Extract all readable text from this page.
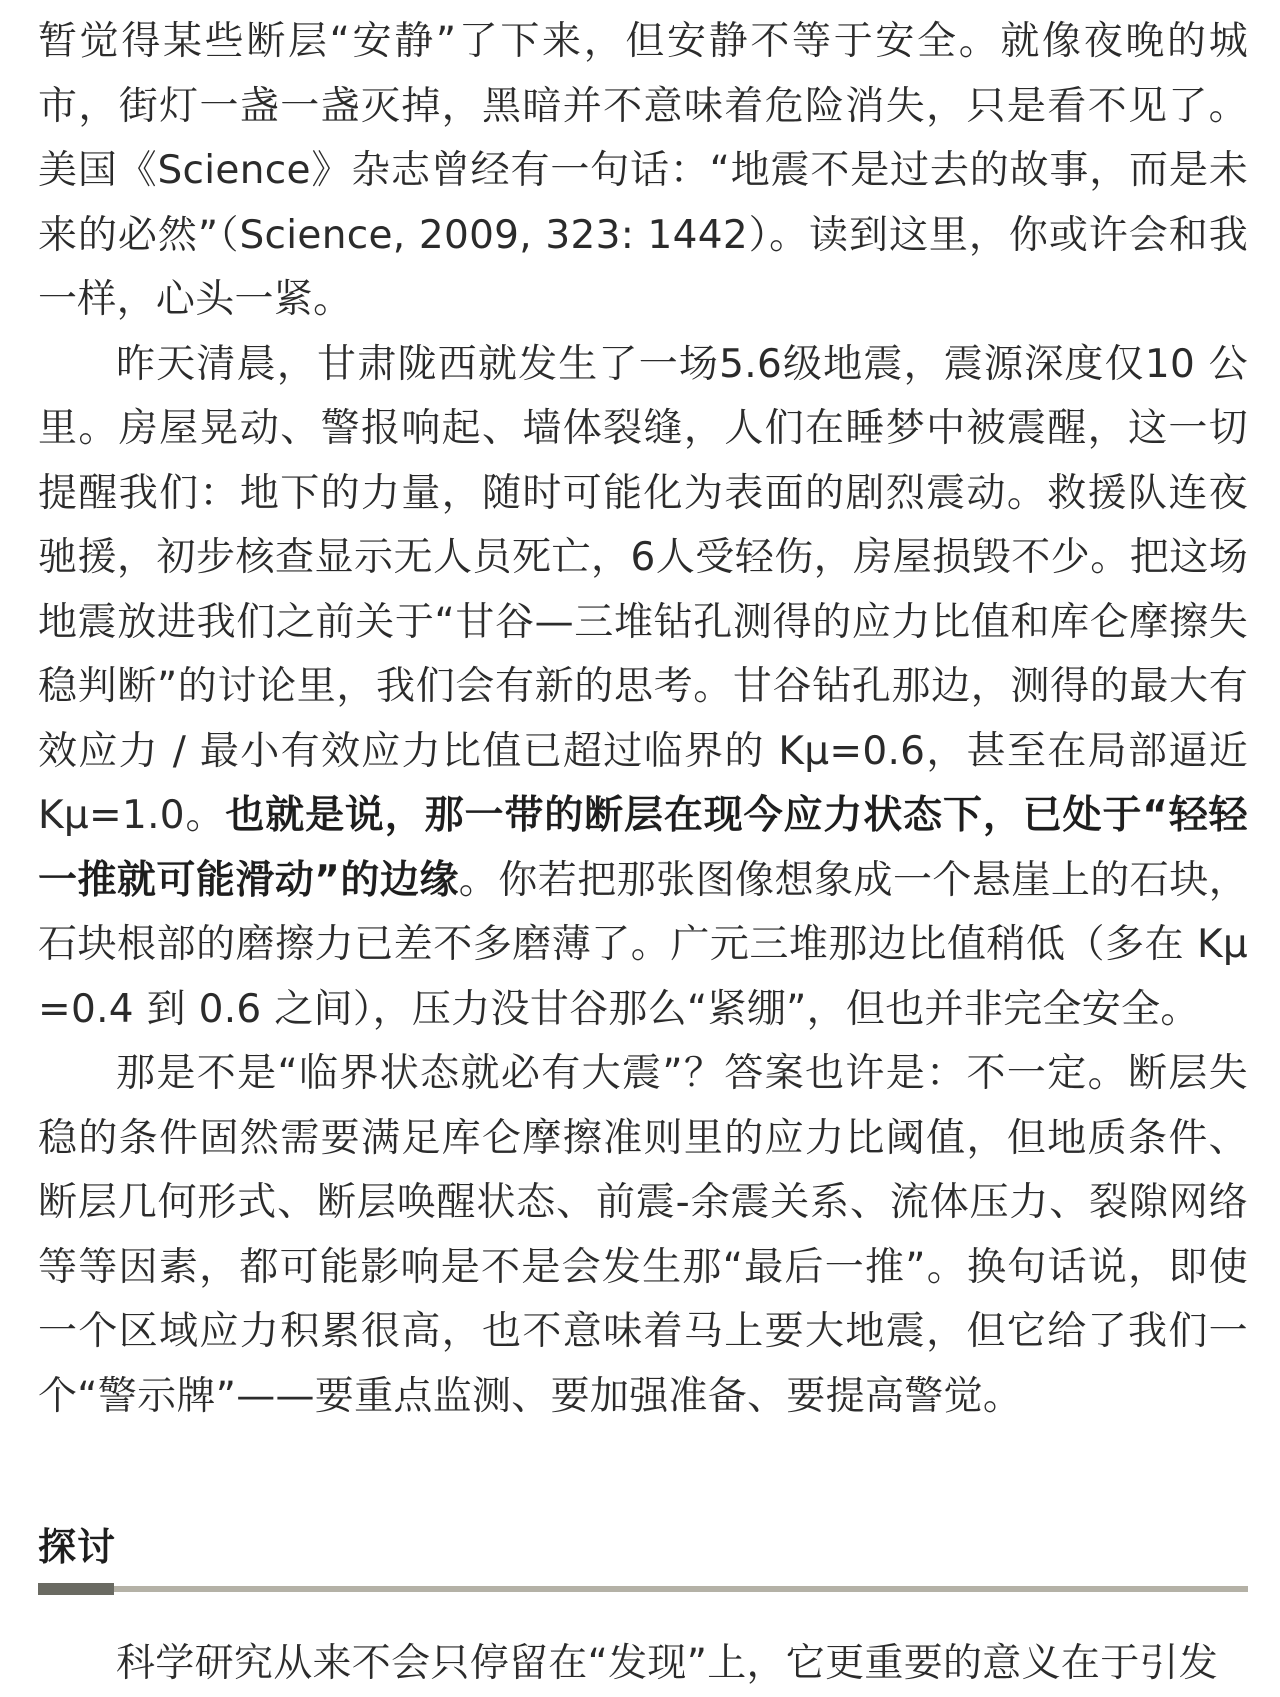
暂觉得某些断层“安静”了下来，但安静不等于安全。就像夜晚的城市，街灯一盏一盏灭掉，黑暗并不意味着危险消失，只是看不见了。美国《Science》杂志曾经有一句话：“地震不是过去的故事，而是未来的必然”（Science, 2009, 323: 1442）。读到这里，你或许会和我一样，心头一紧。

昨天清晨，甘肃陇西就发生了一场5.6级地震，震源深度仅10 公里。房屋晃动、警报响起、墙体裂缝，人们在睡梦中被震醒，这一切提醒我们：地下的力量，随时可能化为表面的剧烈震动。救援队连夜驰援，初步核查显示无人员死亡，6人受轻伤，房屋损毁不少。把这场地震放进我们之前关于“甘谷—三堆钻孔测得的应力比值和库仑摩擦失稳判断”的讨论里，我们会有新的思考。甘谷钻孔那边，测得的最大有效应力 / 最小有效应力比值已超过临界的 Kμ=0.6，甚至在局部逼近 Kμ=1.0。也就是说，那一带的断层在现今应力状态下，已处于“轻轻一推就可能滑动”的边缘。你若把那张图像想象成一个悬崖上的石块，石块根部的磨擦力已差不多磨薄了。广元三堆那边比值稍低（多在 Kμ=0.4 到 0.6 之间），压力没甘谷那么“紧绷”，但也并非完全安全。

那是不是“临界状态就必有大震”？答案也许是：不一定。断层失稳的条件固然需要满足库仑摩擦准则里的应力比阈值，但地质条件、断层几何形式、断层唤醒状态、前震-余震关系、流体压力、裂隙网络等等因素，都可能影响是不是会发生那“最后一推”。换句话说，即使一个区域应力积累很高，也不意味着马上要大地震，但它给了我们一个“警示牌”——要重点监测、要加强准备、要提高警觉。

探讨

科学研究从来不会只停留在“发现”上，它更重要的意义在于引发
